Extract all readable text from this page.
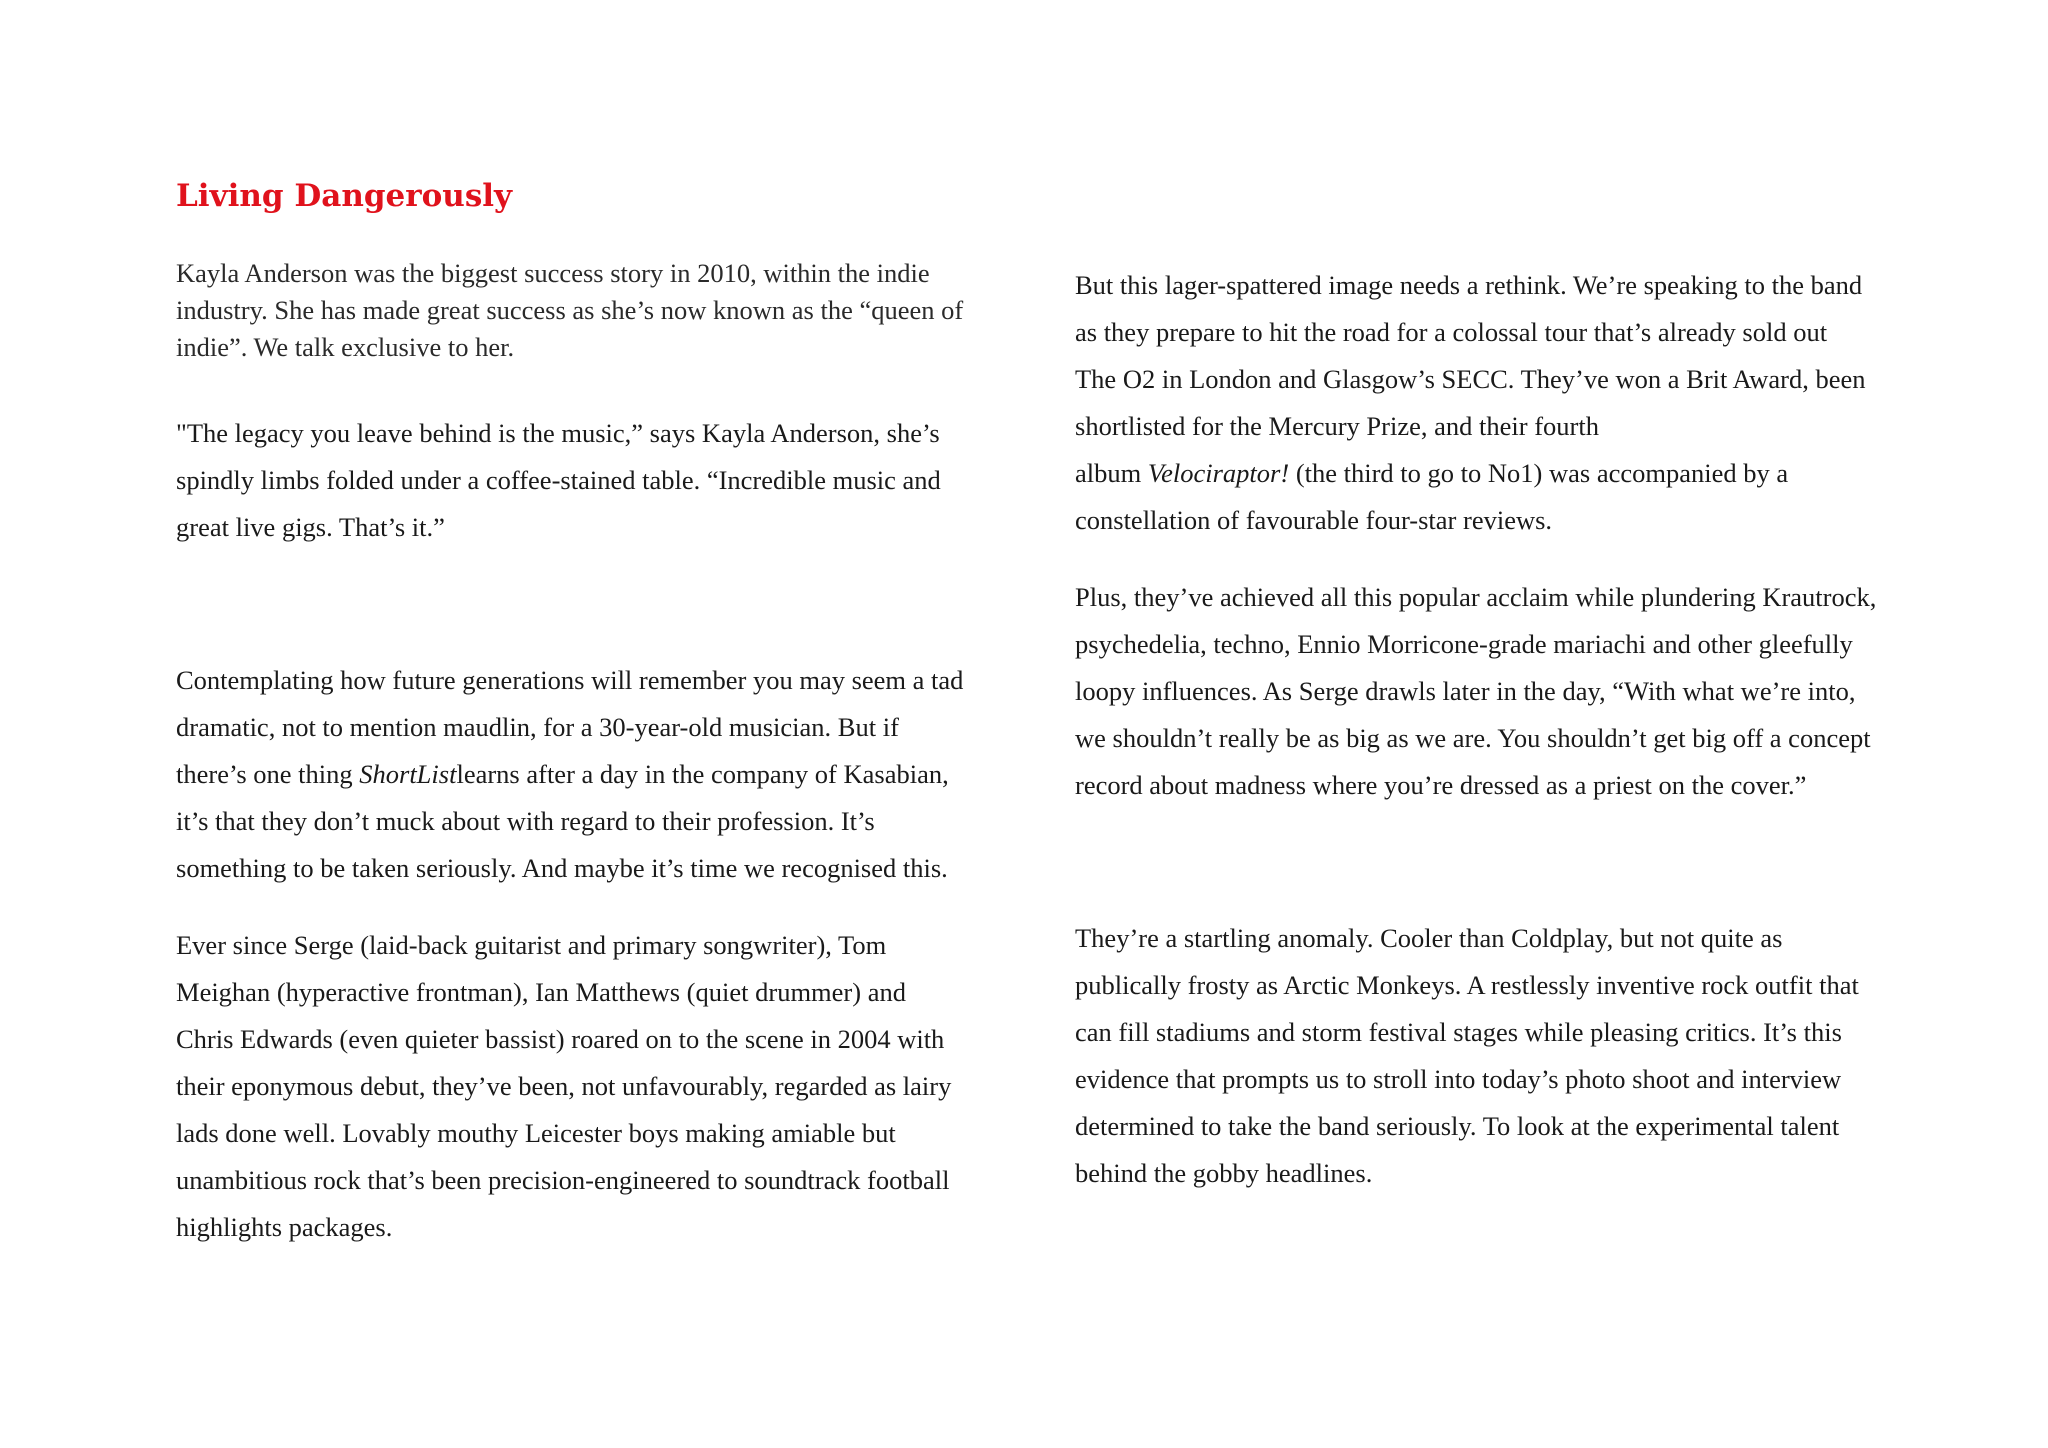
Living Dangerously

Kayla Anderson was the biggest success story in 2010, within the indie
industry. She has made great success as she’s now known as the “queen of
indie”. We talk exclusive to her.

"The legacy you leave behind is the music,” says Kayla Anderson, she’s
spindly limbs folded under a coffee-stained table. “Incredible music and
great live gigs. That’s it.”

Contemplating how future generations will remember you may seem a tad
dramatic, not to mention maudlin, for a 30-year-old musician. But if
there’s one thing ShortListlearns after a day in the company of Kasabian,
it’s that they don’t muck about with regard to their profession. It’s
something to be taken seriously. And maybe it’s time we recognised this.

Ever since Serge (laid-back guitarist and primary songwriter), Tom
Meighan (hyperactive frontman), Ian Matthews (quiet drummer) and
Chris Edwards (even quieter bassist) roared on to the scene in 2004 with
their eponymous debut, they’ve been, not unfavourably, regarded as lairy
lads done well. Lovably mouthy Leicester boys making amiable but
unambitious rock that’s been precision-engineered to soundtrack football
highlights packages.

But this lager-spattered image needs a rethink. We’re speaking to the band
as they prepare to hit the road for a colossal tour that’s already sold out
The O2 in London and Glasgow’s SECC. They’ve won a Brit Award, been
shortlisted for the Mercury Prize, and their fourth
album Velociraptor! (the third to go to No1) was accompanied by a
constellation of favourable four-star reviews.

Plus, they’ve achieved all this popular acclaim while plundering Krautrock,
psychedelia, techno, Ennio Morricone-grade mariachi and other gleefully
loopy influences. As Serge drawls later in the day, “With what we’re into,
we shouldn’t really be as big as we are. You shouldn’t get big off a concept
record about madness where you’re dressed as a priest on the cover.”

They’re a startling anomaly. Cooler than Coldplay, but not quite as
publically frosty as Arctic Monkeys. A restlessly inventive rock outfit that
can fill stadiums and storm festival stages while pleasing critics. It’s this
evidence that prompts us to stroll into today’s photo shoot and interview
determined to take the band seriously. To look at the experimental talent
behind the gobby headlines.
